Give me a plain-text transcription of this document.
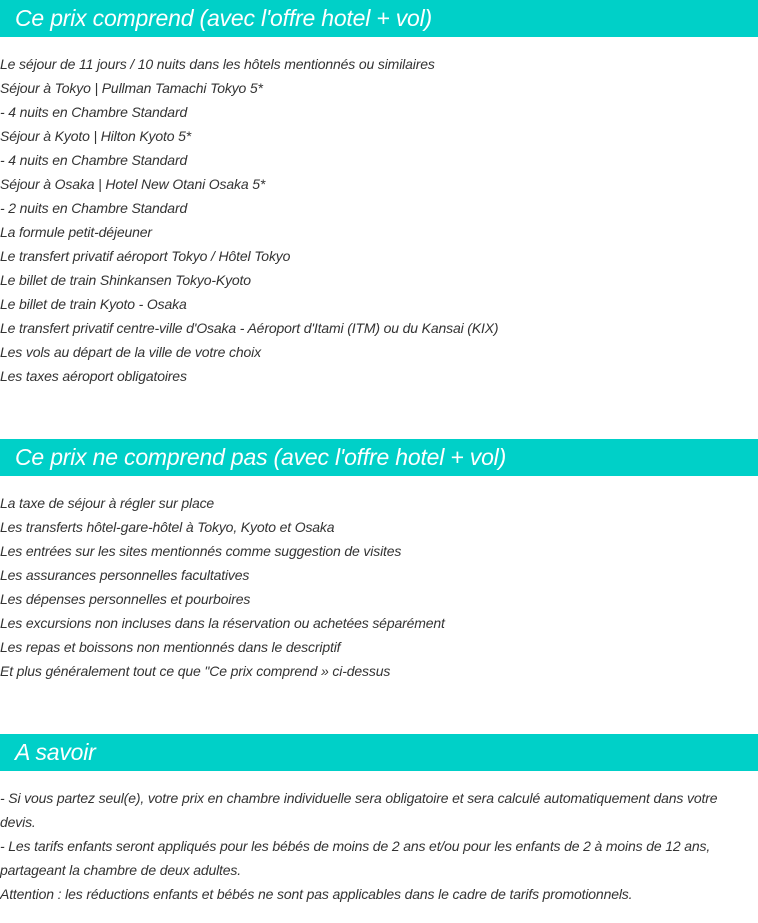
Ce prix comprend (avec l'offre hotel + vol)
Le séjour de 11 jours / 10 nuits dans les hôtels mentionnés ou similaires
Séjour à Tokyo | Pullman Tamachi Tokyo 5*
- 4 nuits en Chambre Standard
Séjour à Kyoto | Hilton Kyoto 5*
- 4 nuits en Chambre Standard
Séjour à Osaka | Hotel New Otani Osaka 5*
- 2 nuits en Chambre Standard
La formule petit-déjeuner
Le transfert privatif aéroport Tokyo / Hôtel Tokyo
Le billet de train Shinkansen Tokyo-Kyoto
Le billet de train Kyoto - Osaka
Le transfert privatif centre-ville d'Osaka - Aéroport d'Itami (ITM) ou du Kansai (KIX)
Les vols au départ de la ville de votre choix
Les taxes aéroport obligatoires
Ce prix ne comprend pas (avec l'offre hotel + vol)
La taxe de séjour à régler sur place
Les transferts hôtel-gare-hôtel à Tokyo, Kyoto et Osaka
Les entrées sur les sites mentionnés comme suggestion de visites
Les assurances personnelles facultatives
Les dépenses personnelles et pourboires
Les excursions non incluses dans la réservation ou achetées séparément
Les repas et boissons non mentionnés dans le descriptif
Et plus généralement tout ce que "Ce prix comprend » ci-dessus
A savoir

- Si vous partez seul(e), votre prix en chambre individuelle sera obligatoire et sera calculé automatiquement dans votre devis.

- Les tarifs enfants seront appliqués pour les bébés de moins de 2 ans et/ou pour les enfants de 2 à moins de 12 ans, partageant la chambre de deux adultes.

Attention : les réductions enfants et bébés ne sont pas applicables dans le cadre de tarifs promotionnels.
